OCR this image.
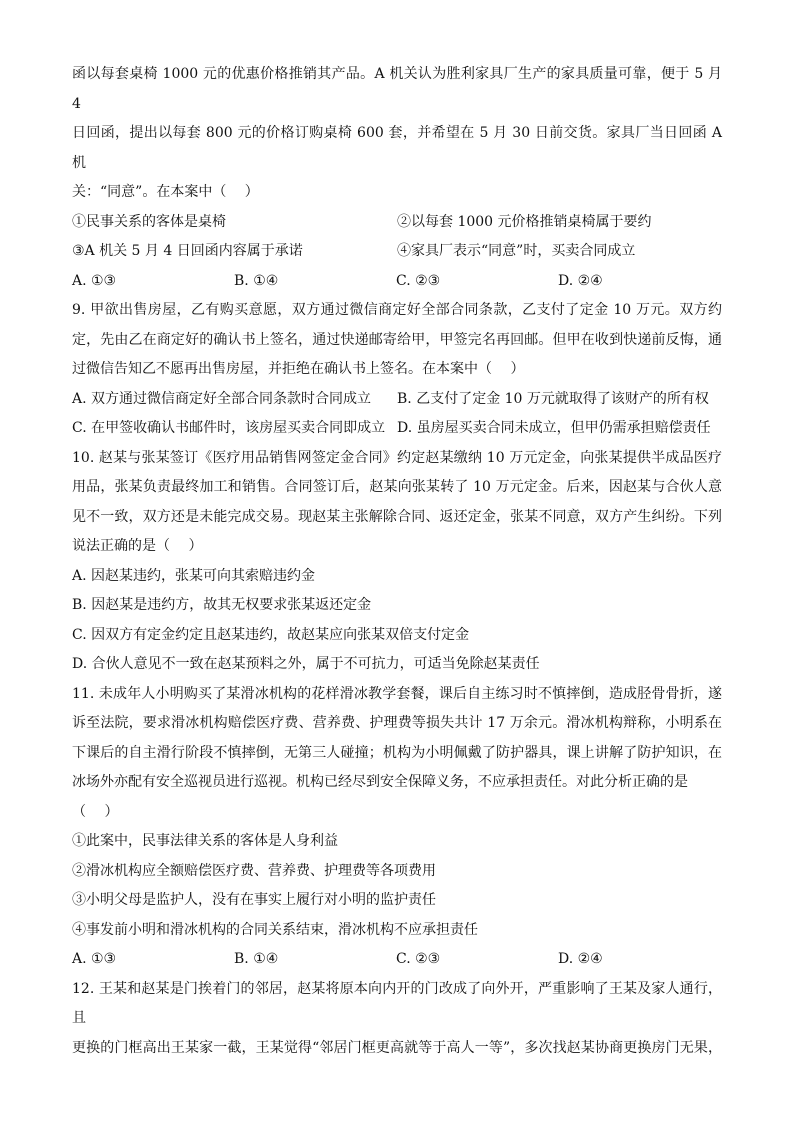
函以每套桌椅 1000 元的优惠价格推销其产品。A 机关认为胜利家具厂生产的家具质量可靠，便于 5 月 4
日回函，提出以每套 800 元的价格订购桌椅 600 套，并希望在 5 月 30 日前交货。家具厂当日回函 A 机
关：“同意”。在本案中（　 ）
①民事关系的客体是桌椅	②以每套 1000 元价格推销桌椅属于要约
③A 机关 5 月 4 日回函内容属于承诺	④家具厂表示“同意”时，买卖合同成立
A. ①③	B. ①④	C. ②③	D. ②④
9. 甲欲出售房屋，乙有购买意愿，双方通过微信商定好全部合同条款，乙支付了定金 10 万元。双方约
定，先由乙在商定好的确认书上签名，通过快递邮寄给甲，甲签完名再回邮。但甲在收到快递前反悔，通
过微信告知乙不愿再出售房屋，并拒绝在确认书上签名。在本案中（　 ）
A. 双方通过微信商定好全部合同条款时合同成立	B. 乙支付了定金 10 万元就取得了该财产的所有权
C. 在甲签收确认书邮件时，该房屋买卖合同即成立 D. 虽房屋买卖合同未成立，但甲仍需承担赔偿责任
10. 赵某与张某签订《医疗用品销售网签定金合同》约定赵某缴纳 10 万元定金，向张某提供半成品医疗
用品，张某负责最终加工和销售。合同签订后，赵某向张某转了 10 万元定金。后来，因赵某与合伙人意
见不一致，双方还是未能完成交易。现赵某主张解除合同、返还定金，张某不同意，双方产生纠纷。下列
说法正确的是（　 ）
A. 因赵某违约，张某可向其索赔违约金
B. 因赵某是违约方，故其无权要求张某返还定金
C. 因双方有定金约定且赵某违约，故赵某应向张某双倍支付定金
D. 合伙人意见不一致在赵某预料之外，属于不可抗力，可适当免除赵某责任
11. 未成年人小明购买了某滑冰机构的花样滑冰教学套餐，课后自主练习时不慎摔倒，造成胫骨骨折，遂
诉至法院，要求滑冰机构赔偿医疗费、营养费、护理费等损失共计 17 万余元。滑冰机构辩称，小明系在
下课后的自主滑行阶段不慎摔倒，无第三人碰撞；机构为小明佩戴了防护器具，课上讲解了防护知识，在
冰场外亦配有安全巡视员进行巡视。机构已经尽到安全保障义务，不应承担责任。对此分析正确的是
（　 ）
①此案中，民事法律关系的客体是人身利益
②滑冰机构应全额赔偿医疗费、营养费、护理费等各项费用
③小明父母是监护人，没有在事实上履行对小明的监护责任
④事发前小明和滑冰机构的合同关系结束，滑冰机构不应承担责任
A. ①③	B. ①④	C. ②③	D. ②④
12. 王某和赵某是门挨着门的邻居，赵某将原本向内开的门改成了向外开，严重影响了王某及家人通行，且
更换的门框高出王某家一截，王某觉得“邻居门框更高就等于高人一等”，多次找赵某协商更换房门无果，
